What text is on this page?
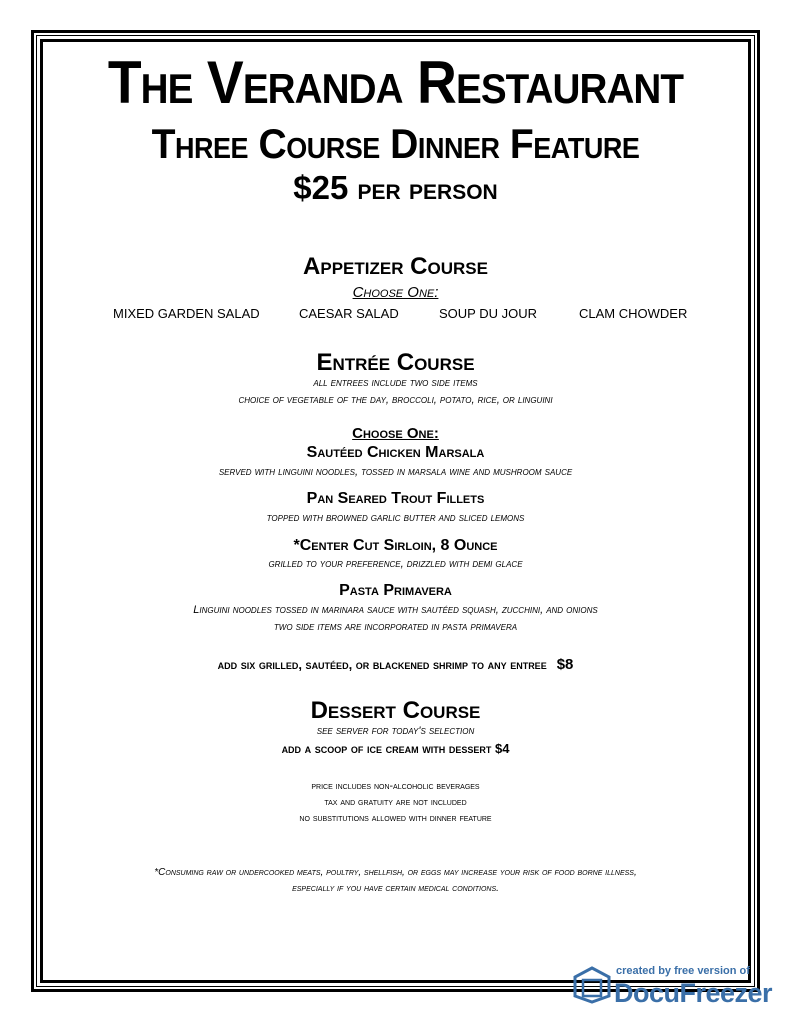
The Veranda Restaurant
Three Course Dinner Feature
$25 per person
Appetizer Course
Choose One:
MIXED GARDEN SALAD	CAESAR SALAD	SOUP DU JOUR	CLAM CHOWDER
Entrée Course
all entrees include two side items
choice of vegetable of the day, broccoli, potato, rice, or linguini
Choose One:
Sautéed Chicken Marsala
served with linguini noodles, tossed in marsala wine and mushroom sauce
Pan Seared Trout Fillets
topped with browned garlic butter and sliced lemons
*Center Cut Sirloin, 8 Ounce
grilled to your preference, drizzled with demi glace
Pasta Primavera
Linguini noodles tossed in marinara sauce with sautéed squash, zucchini, and onions
two side items are incorporated in pasta primavera
add six grilled, sautéed, or blackened shrimp to any entree $8
Dessert Course
see server for today's selection
add a scoop of ice cream with dessert $4
price includes non-alcoholic beverages
tax and gratuity are not included
no substitutions allowed with dinner feature
*Consuming raw or undercooked meats, poultry, shellfish, or eggs may increase your risk of food borne illness,
especially if you have certain medical conditions.
created by free version of
DocuFreezer
